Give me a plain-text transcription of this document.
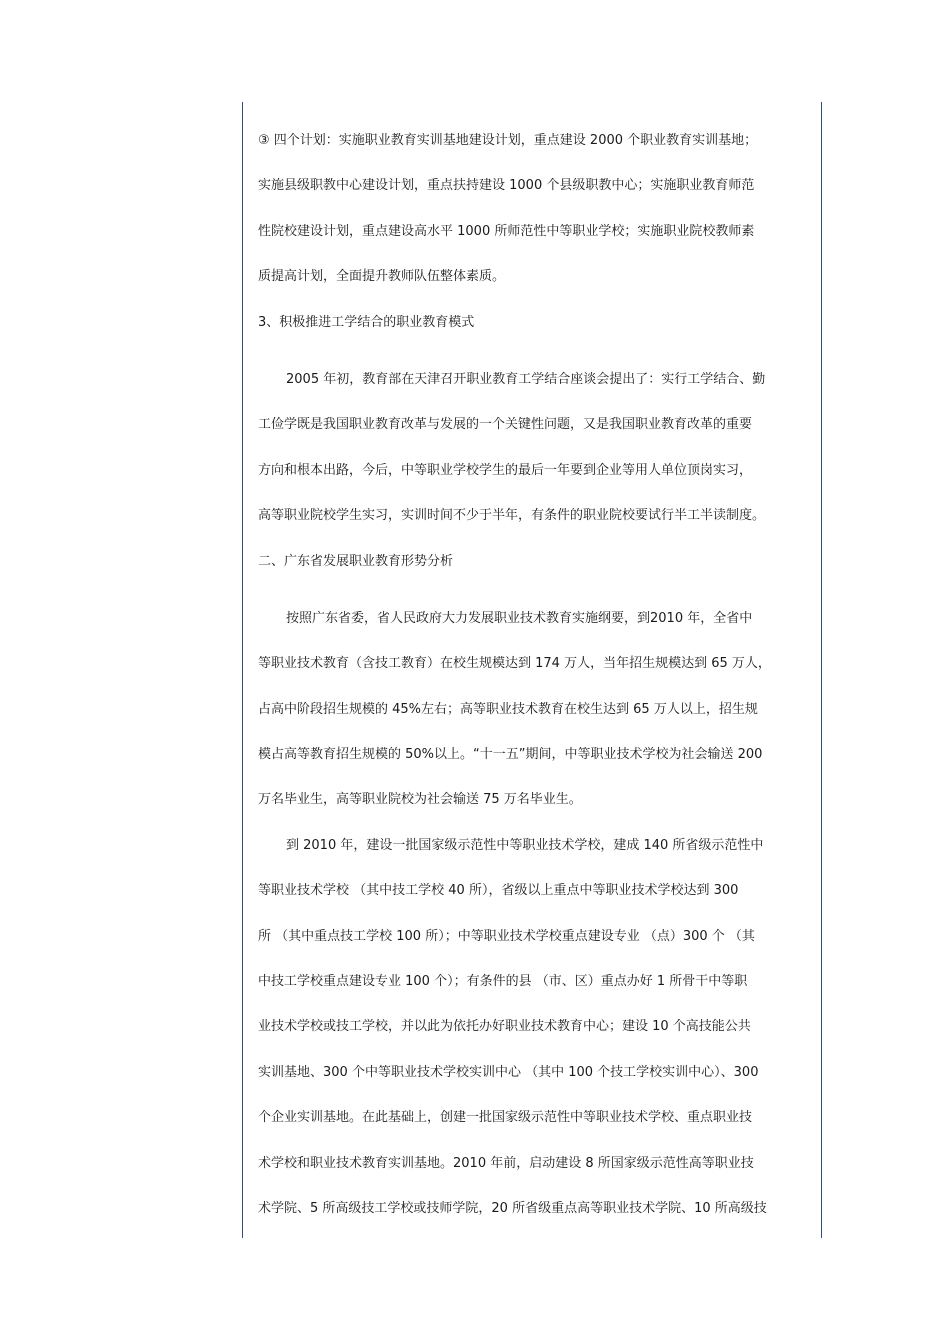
③ 四个计划：实施职业教育实训基地建设计划，重点建设 2000 个职业教育实训基地；
实施县级职教中心建设计划，重点扶持建设 1000 个县级职教中心；实施职业教育师范
性院校建设计划，重点建设高水平 1000 所师范性中等职业学校；实施职业院校教师素
质提高计划，全面提升教师队伍整体素质。
3、积极推进工学结合的职业教育模式
2005 年初，教育部在天津召开职业教育工学结合座谈会提出了：实行工学结合、勤
工俭学既是我国职业教育改革与发展的一个关键性问题，又是我国职业教育改革的重要
方向和根本出路，今后，中等职业学校学生的最后一年要到企业等用人单位顶岗实习，
高等职业院校学生实习，实训时间不少于半年，有条件的职业院校要试行半工半读制度。
二、广东省发展职业教育形势分析
按照广东省委，省人民政府大力发展职业技术教育实施纲要，到2010 年，全省中
等职业技术教育（含技工教育）在校生规模达到 174 万人，当年招生规模达到 65 万人，
占高中阶段招生规模的 45%左右；高等职业技术教育在校生达到 65 万人以上，招生规
模占高等教育招生规模的 50%以上。“十一五”期间，中等职业技术学校为社会输送 200
万名毕业生，高等职业院校为社会输送 75 万名毕业生。
到 2010 年，建设一批国家级示范性中等职业技术学校，建成 140 所省级示范性中
等职业技术学校 （其中技工学校 40 所），省级以上重点中等职业技术学校达到 300
所 （其中重点技工学校 100 所）；中等职业技术学校重点建设专业 （点）300 个 （其
中技工学校重点建设专业 100 个）；有条件的县 （市、区）重点办好 1 所骨干中等职
业技术学校或技工学校，并以此为依托办好职业技术教育中心；建设 10 个高技能公共
实训基地、300 个中等职业技术学校实训中心 （其中 100 个技工学校实训中心）、300
个企业实训基地。在此基础上，创建一批国家级示范性中等职业技术学校、重点职业技
术学校和职业技术教育实训基地。2010 年前，启动建设 8 所国家级示范性高等职业技
术学院、5 所高级技工学校或技师学院，20 所省级重点高等职业技术学院、10 所高级技
